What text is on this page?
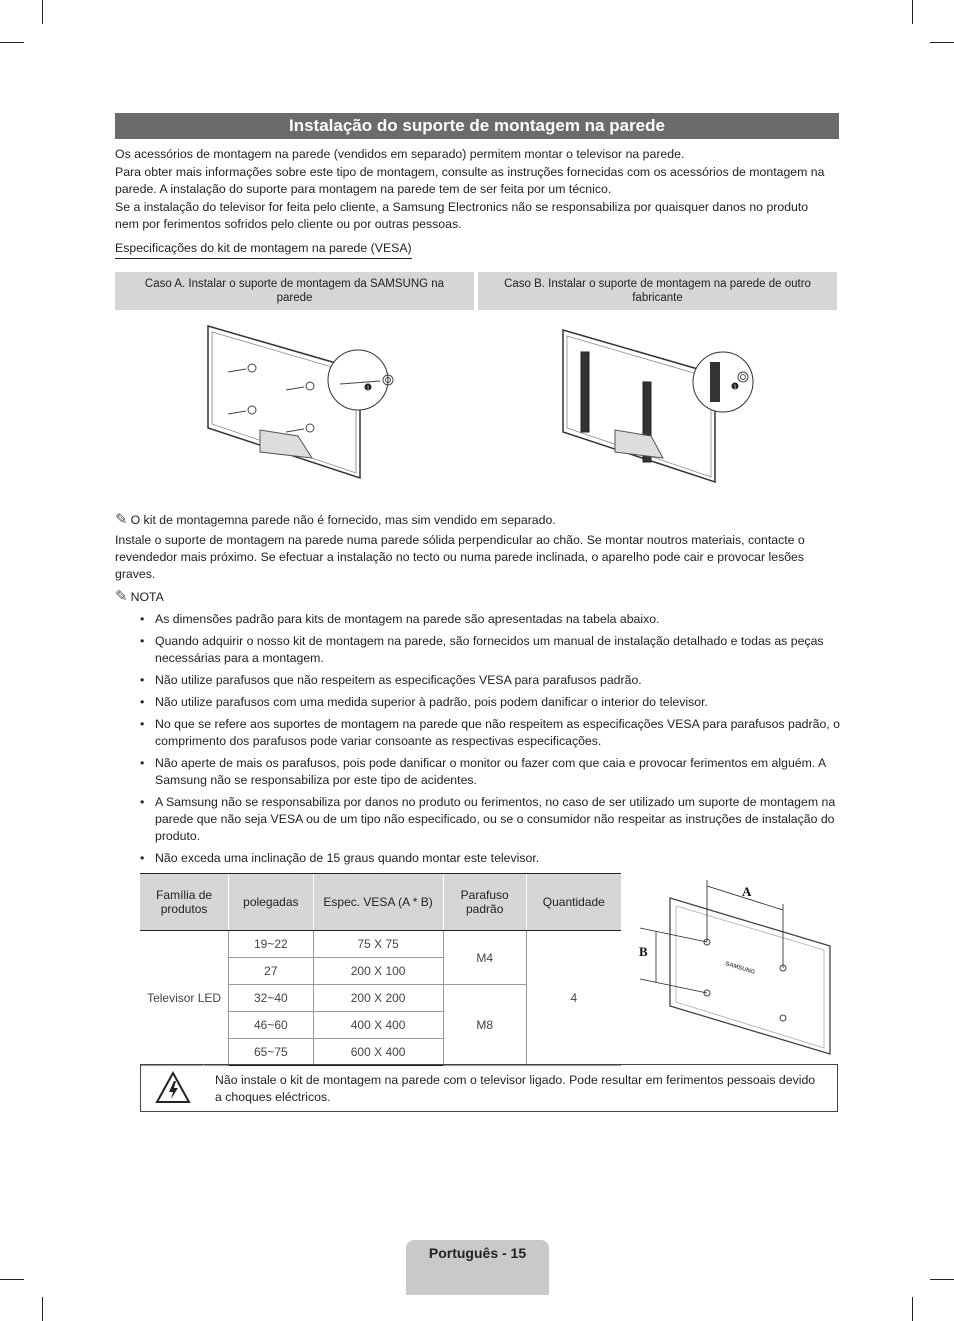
Instalação do suporte de montagem na parede

Os acessórios de montagem na parede (vendidos em separado) permitem montar o televisor na parede.

Para obter mais informações sobre este tipo de montagem, consulte as instruções fornecidas com os acessórios de montagem na parede. A instalação do suporte para montagem na parede tem de ser feita por um técnico.

Se a instalação do televisor for feita pelo cliente, a Samsung Electronics não se responsabiliza por quaisquer danos no produto nem por ferimentos sofridos pelo cliente ou por outras pessoas.

Especificações do kit de montagem na parede (VESA)
Caso A. Instalar o suporte de montagem da SAMSUNG na parede
Caso B. Instalar o suporte de montagem na parede de outro fabricante
1	1
✎ O kit de montagemna parede não é fornecido, mas sim vendido em separado.
Instale o suporte de montagem na parede numa parede sólida perpendicular ao chão. Se montar noutros materiais, contacte o revendedor mais próximo. Se efectuar a instalação no tecto ou numa parede inclinada, o aparelho pode cair e provocar lesões graves.
✎ NOTA
• As dimensões padrão para kits de montagem na parede são apresentadas na tabela abaixo.
• Quando adquirir o nosso kit de montagem na parede, são fornecidos um manual de instalação detalhado e todas as peças necessárias para a montagem.
• Não utilize parafusos que não respeitem as especificações VESA para parafusos padrão.
• Não utilize parafusos com uma medida superior à padrão, pois podem danificar o interior do televisor.
• No que se refere aos suportes de montagem na parede que não respeitem as especificações VESA para parafusos padrão, o comprimento dos parafusos pode variar consoante as respectivas especificações.
• Não aperte de mais os parafusos, pois pode danificar o monitor ou fazer com que caia e provocar ferimentos em alguém. A Samsung não se responsabiliza por este tipo de acidentes.
• A Samsung não se responsabiliza por danos no produto ou ferimentos, no caso de ser utilizado um suporte de montagem na parede que não seja VESA ou de um tipo não especificado, ou se o consumidor não respeitar as instruções de instalação do produto.
• Não exceda uma inclinação de 15 graus quando montar este televisor.
Família de produtos	polegadas	Espec. VESA (A * B)	Parafuso padrão	Quantidade
Televisor LED	19~22	75 X 75	M4	4
	27	200 X 100		
	32~40	200 X 200	M8	
	46~60	400 X 400		
	65~75	600 X 400		
SAMSUNG
A
B
Não instale o kit de montagem na parede com o televisor ligado. Pode resultar em ferimentos pessoais devido a choques eléctricos.
Português - 15
